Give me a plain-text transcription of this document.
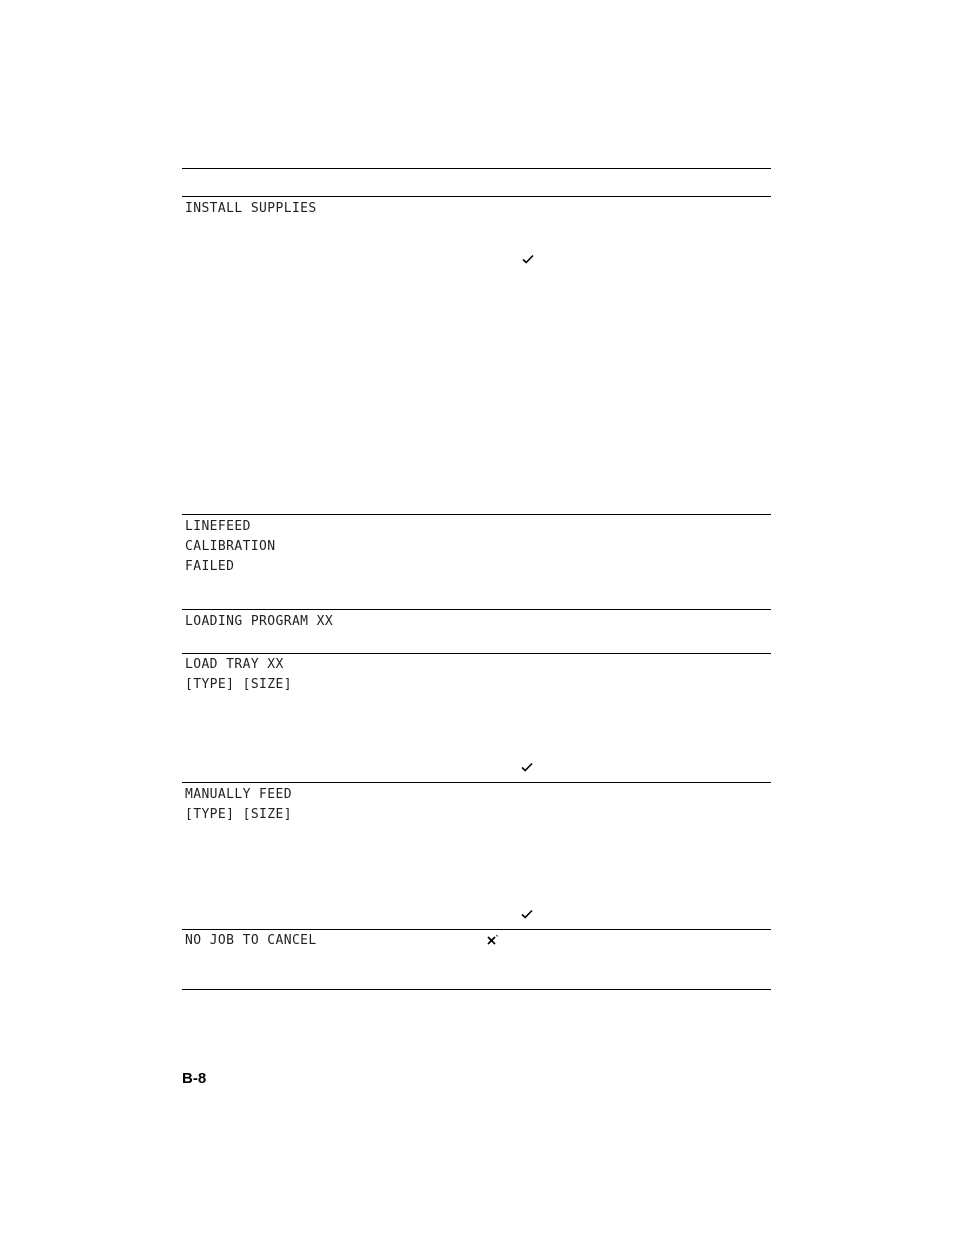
INSTALL SUPPLIES
LINEFEED
CALIBRATION
FAILED
LOADING PROGRAM XX
LOAD TRAY XX
[TYPE] [SIZE]
MANUALLY FEED
[TYPE] [SIZE]
NO JOB TO CANCEL
B-8
